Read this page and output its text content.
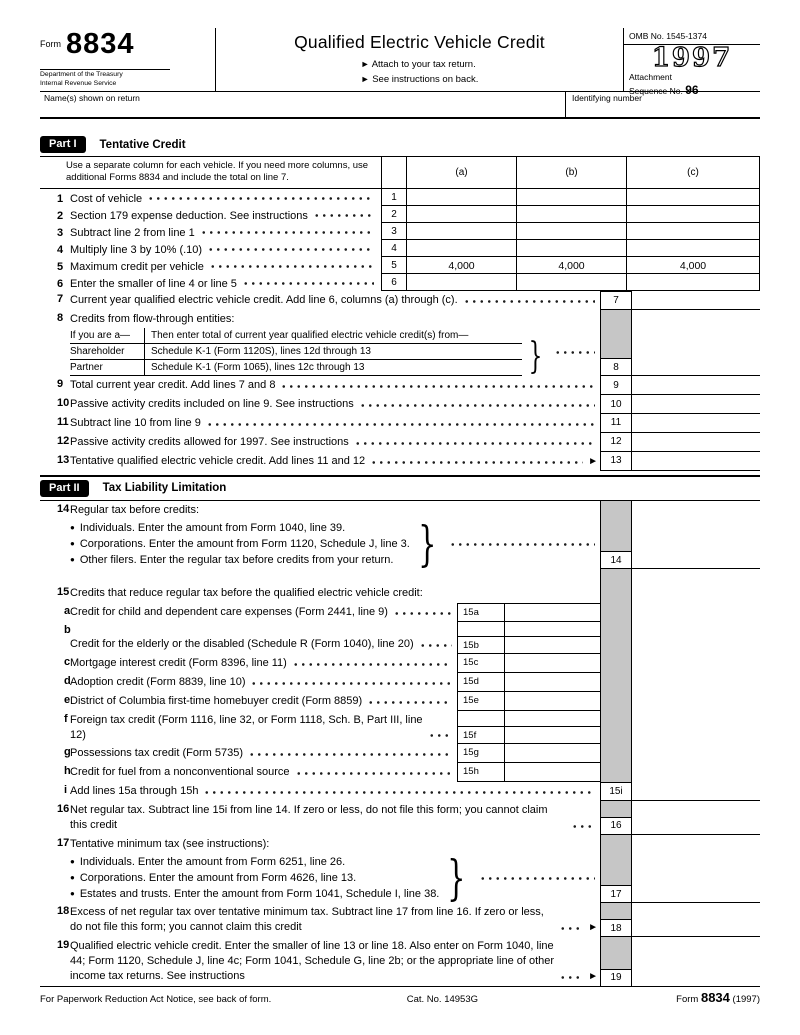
Form 8834
Department of the Treasury
Internal Revenue Service
Qualified Electric Vehicle Credit
► Attach to your tax return.
► See instructions on back.
OMB No. 1545-1374
1997
Attachment
Sequence No. 96
Name(s) shown on return	Identifying number
Part I	Tentative Credit
Use a separate column for each vehicle. If you need more columns, use additional Forms 8834 and include the total on line 7.	(a)	(b)	(c)
1 Cost of vehicle	1
2 Section 179 expense deduction. See instructions	2
3 Subtract line 2 from line 1	3
4 Multiply line 3 by 10% (.10)	4
5 Maximum credit per vehicle	5	4,000	4,000	4,000
6 Enter the smaller of line 4 or line 5	6
7 Current year qualified electric vehicle credit. Add line 6, columns (a) through (c).	7
8 Credits from flow-through entities:
If you are a—	Then enter total of current year qualified electric vehicle credit(s) from—
Shareholder	Schedule K-1 (Form 1120S), lines 12d through 13
Partner	Schedule K-1 (Form 1065), lines 12c through 13	}	8
9 Total current year credit. Add lines 7 and 8	9
10 Passive activity credits included on line 9. See instructions	10
11 Subtract line 10 from line 9	11
12 Passive activity credits allowed for 1997. See instructions	12
13 Tentative qualified electric vehicle credit. Add lines 11 and 12	►	13
Part II	Tax Liability Limitation
14 Regular tax before credits:
● Individuals. Enter the amount from Form 1040, line 39.
● Corporations. Enter the amount from Form 1120, Schedule J, line 3.
● Other filers. Enter the regular tax before credits from your return. }	14
15 Credits that reduce regular tax before the qualified electric vehicle credit:
a Credit for child and dependent care expenses (Form 2441, line 9)	15a
b
Credit for the elderly or the disabled (Schedule R (Form 1040), line 20)	15b
c Mortgage interest credit (Form 8396, line 11)	15c
d Adoption credit (Form 8839, line 10)	15d
e District of Columbia first-time homebuyer credit (Form 8859)	15e
f Foreign tax credit (Form 1116, line 32, or Form 1118, Sch. B, Part III, line 12)	15f
g Possessions tax credit (Form 5735)	15g
h Credit for fuel from a nonconventional source	15h
i Add lines 15a through 15h	15i
16 Net regular tax. Subtract line 15i from line 14. If zero or less, do not file this form; you cannot claim this credit	16
17 Tentative minimum tax (see instructions):
● Individuals. Enter the amount from Form 6251, line 26.
● Corporations. Enter the amount from Form 4626, line 13.
● Estates and trusts. Enter the amount from Form 1041, Schedule I, line 38. }	17
18 Excess of net regular tax over tentative minimum tax. Subtract line 17 from line 16. If zero or less, do not file this form; you cannot claim this credit	►	18
19 Qualified electric vehicle credit. Enter the smaller of line 13 or line 18. Also enter on Form 1040, line 44; Form 1120, Schedule J, line 4c; Form 1041, Schedule G, line 2b; or the appropriate line of other income tax returns. See instructions	►	19
For Paperwork Reduction Act Notice, see back of form.	Cat. No. 14953G	Form 8834 (1997)
